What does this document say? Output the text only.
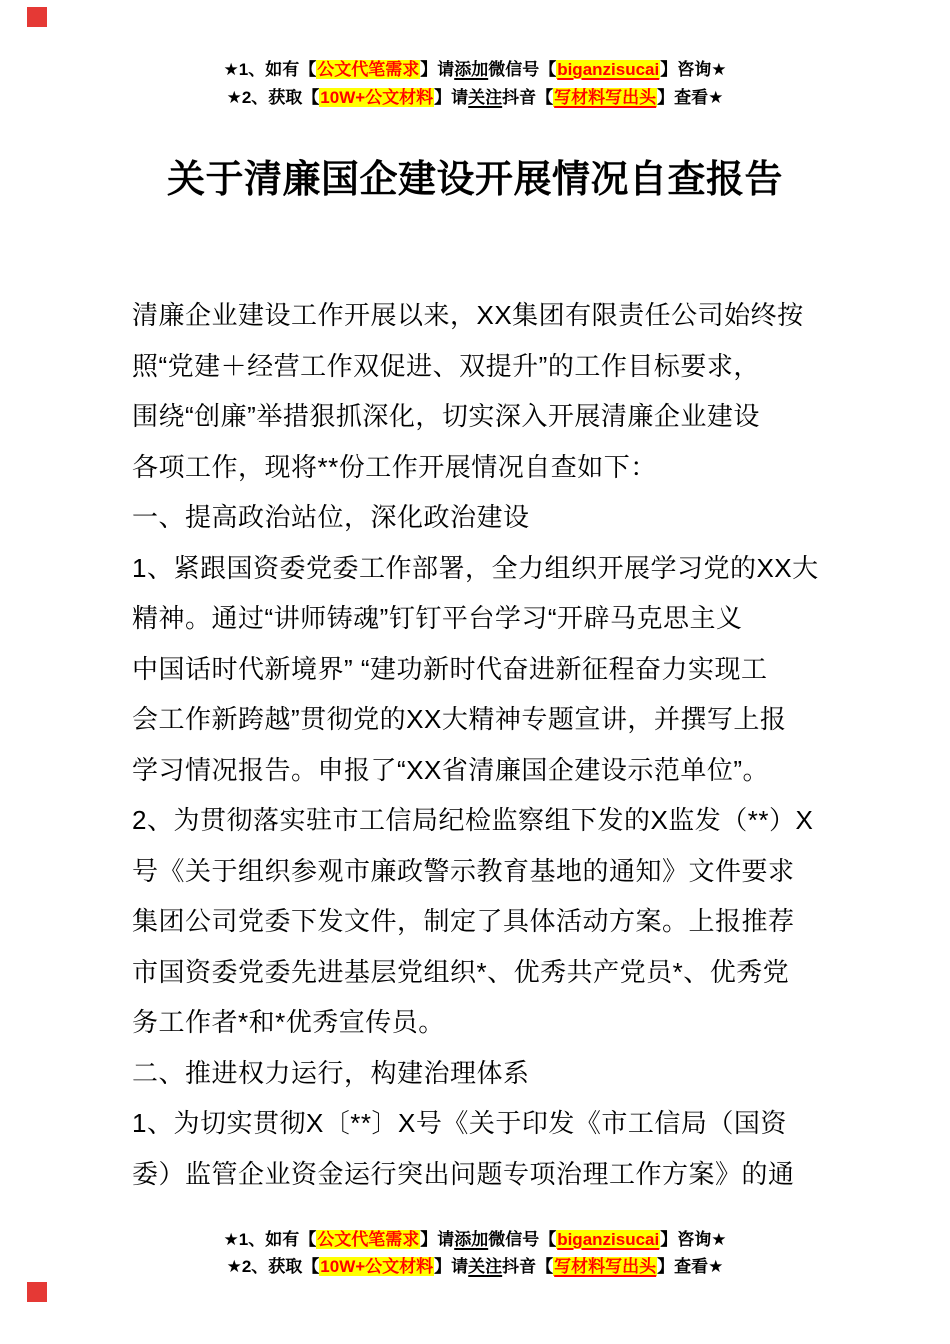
★1、如有【公文代笔需求】请添加微信号【biganzisucai】咨询★
★2、获取【10W+公文材料】请关注抖音【写材料写出头】查看★
关于清廉国企建设开展情况自查报告
清廉企业建设工作开展以来，XX集团有限责任公司始终按
照“党建＋经营工作双促进、双提升”的工作目标要求，
围绕“创廉”举措狠抓深化，切实深入开展清廉企业建设
各项工作，现将**份工作开展情况自查如下：
一、提高政治站位，深化政治建设
1、紧跟国资委党委工作部署，全力组织开展学习党的XX大
精神。通过“讲师铸魂”钉钉平台学习“开辟马克思主义
中国话时代新境界” “建功新时代奋进新征程奋力实现工
会工作新跨越”贯彻党的XX大精神专题宣讲，并撰写上报
学习情况报告。申报了“XX省清廉国企建设示范单位”。
2、为贯彻落实驻市工信局纪检监察组下发的X监发（**）X
号《关于组织参观市廉政警示教育基地的通知》文件要求
集团公司党委下发文件，制定了具体活动方案。上报推荐
市国资委党委先进基层党组织*、优秀共产党员*、优秀党
务工作者*和*优秀宣传员。
二、推进权力运行，构建治理体系
1、为切实贯彻X〔**〕X号《关于印发《市工信局（国资
委）监管企业资金运行突出问题专项治理工作方案》的通
★1、如有【公文代笔需求】请添加微信号【biganzisucai】咨询★
★2、获取【10W+公文材料】请关注抖音【写材料写出头】查看★
